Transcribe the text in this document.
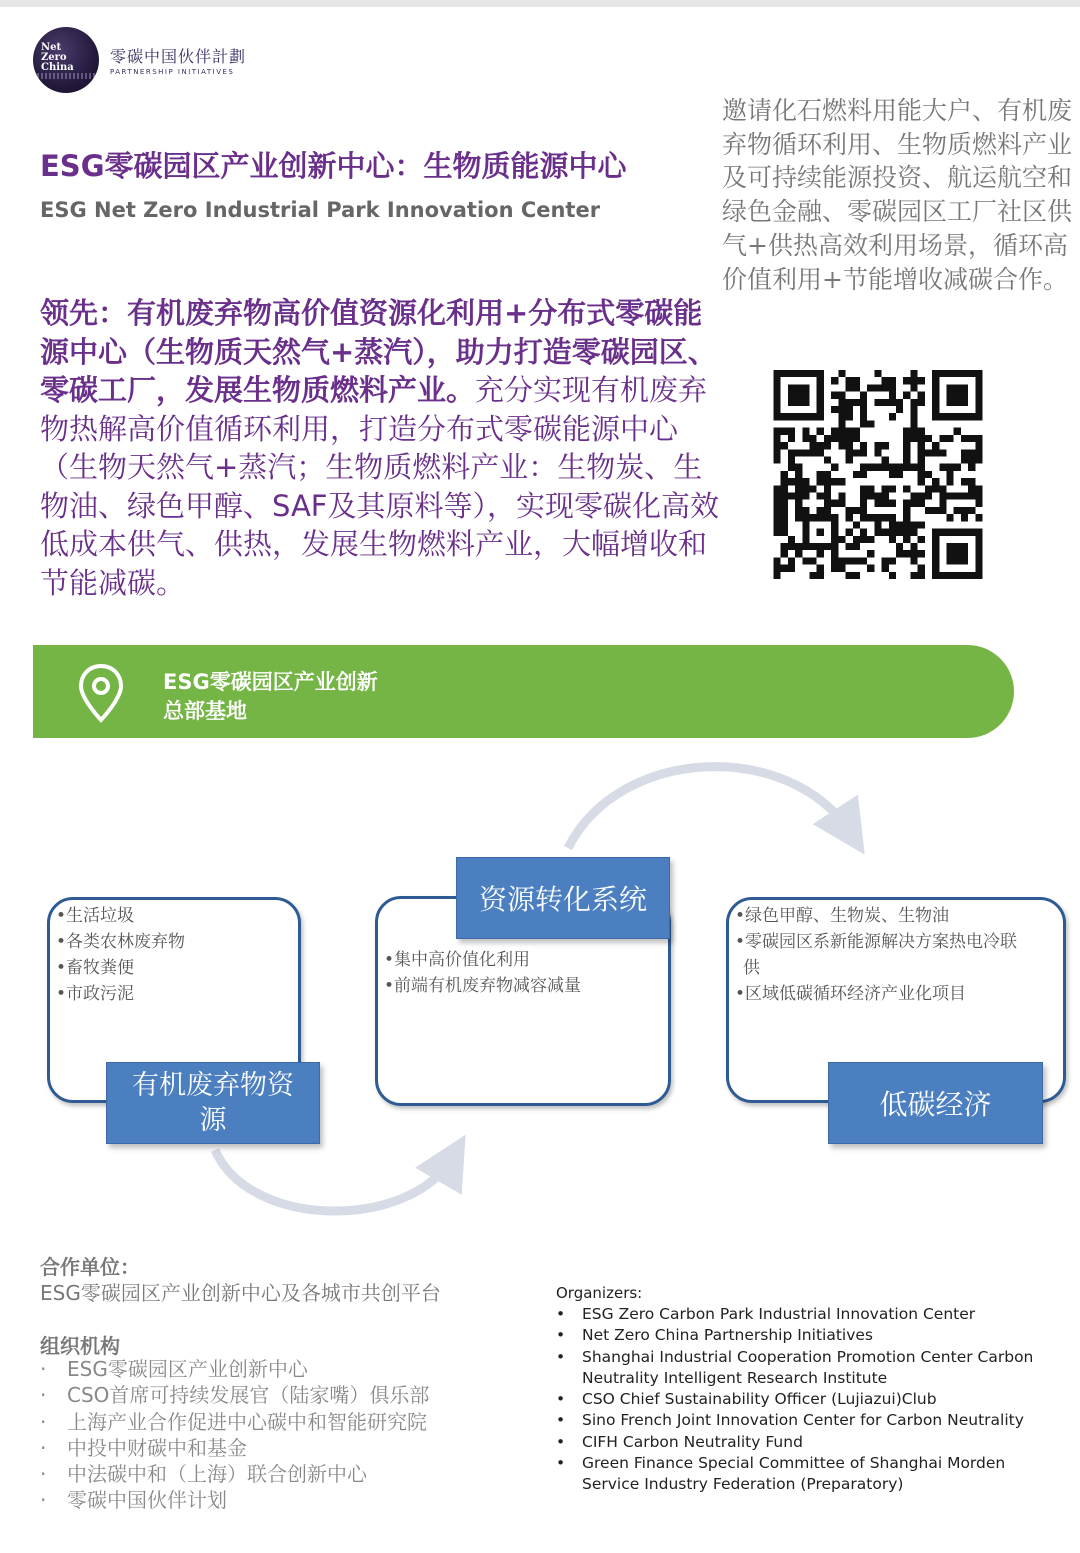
Net
Zero
China
零碳中国伙伴計劃
PARTNERSHIP INITIATIVES
ESG零碳园区产业创新中心：生物质能源中心
ESG Net Zero Industrial Park Innovation Center
邀请化石燃料用能大户、有机废弃物循环利用、生物质燃料产业及可持续能源投资、航运航空和绿色金融、零碳园区工厂社区供气+供热高效利用场景，循环高价值利用+节能增收减碳合作。
领先：有机废弃物高价值资源化利用+分布式零碳能源中心（生物质天然气+蒸汽），助力打造零碳园区、零碳工厂，发展生物质燃料产业。充分实现有机废弃物热解高价值循环利用，打造分布式零碳能源中心（生物天然气+蒸汽；生物质燃料产业：生物炭、生物油、绿色甲醇、SAF及其原料等），实现零碳化高效低成本供气、供热，发展生物燃料产业，大幅增收和节能减碳。
ESG零碳园区产业创新
总部基地
•生活垃圾
•各类农林废弃物
•畜牧粪便
•市政污泥
有机废弃物资
源
资源转化系统
•集中高价值化利用
•前端有机废弃物减容减量
•绿色甲醇、生物炭、生物油
•零碳园区系新能源解决方案热电冷联
供
•区域低碳循环经济产业化项目
低碳经济
合作单位：
ESG零碳园区产业创新中心及各城市共创平台
组织机构
· ESG零碳园区产业创新中心
· CSO首席可持续发展官（陆家嘴）俱乐部
· 上海产业合作促进中心碳中和智能研究院
· 中投中财碳中和基金
· 中法碳中和（上海）联合创新中心
· 零碳中国伙伴计划
Organizers:
• ESG Zero Carbon Park Industrial Innovation Center
• Net Zero China Partnership Initiatives
• Shanghai Industrial Cooperation Promotion Center Carbon Neutrality Intelligent Research Institute
• CSO Chief Sustainability Officer (Lujiazui)Club
• Sino French Joint Innovation Center for Carbon Neutrality
• CIFH Carbon Neutrality Fund
• Green Finance Special Committee of Shanghai Morden Service Industry Federation (Preparatory)
